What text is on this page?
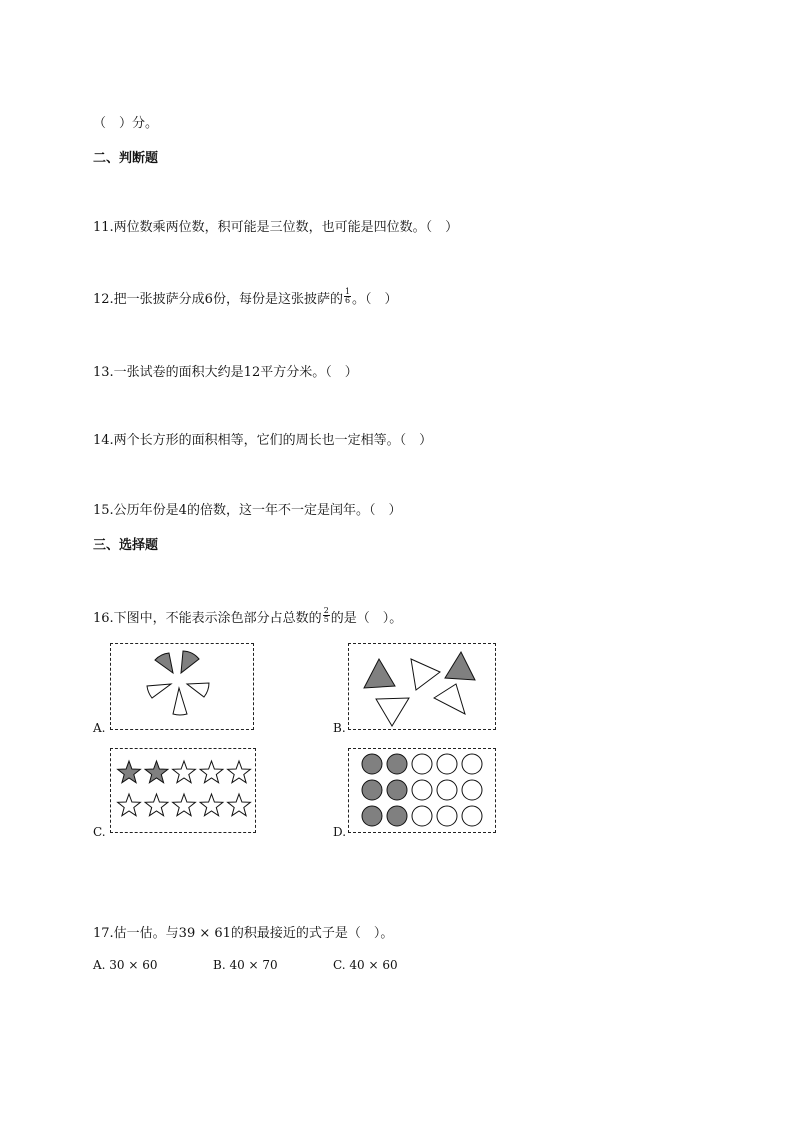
（　）分。
二、判断题
11.两位数乘两位数，积可能是三位数，也可能是四位数。（　）
12.把一张披萨分成6份，每份是这张披萨的 $\frac{1}{6}$ 。（　）
13.一张试卷的面积大约是12平方分米。（　）
14.两个长方形的面积相等，它们的周长也一定相等。（　）
15.公历年份是4的倍数，这一年不一定是闰年。（　）
三、选择题
16.下图中，不能表示涂色部分占总数的 $\frac{2}{5}$ 的是（　）。
A.	B.
C.	D.
17.估一估。与39 × 61的积最接近的式子是（　）。
A. 30 × 60	B. 40 × 70	C. 40 × 60
